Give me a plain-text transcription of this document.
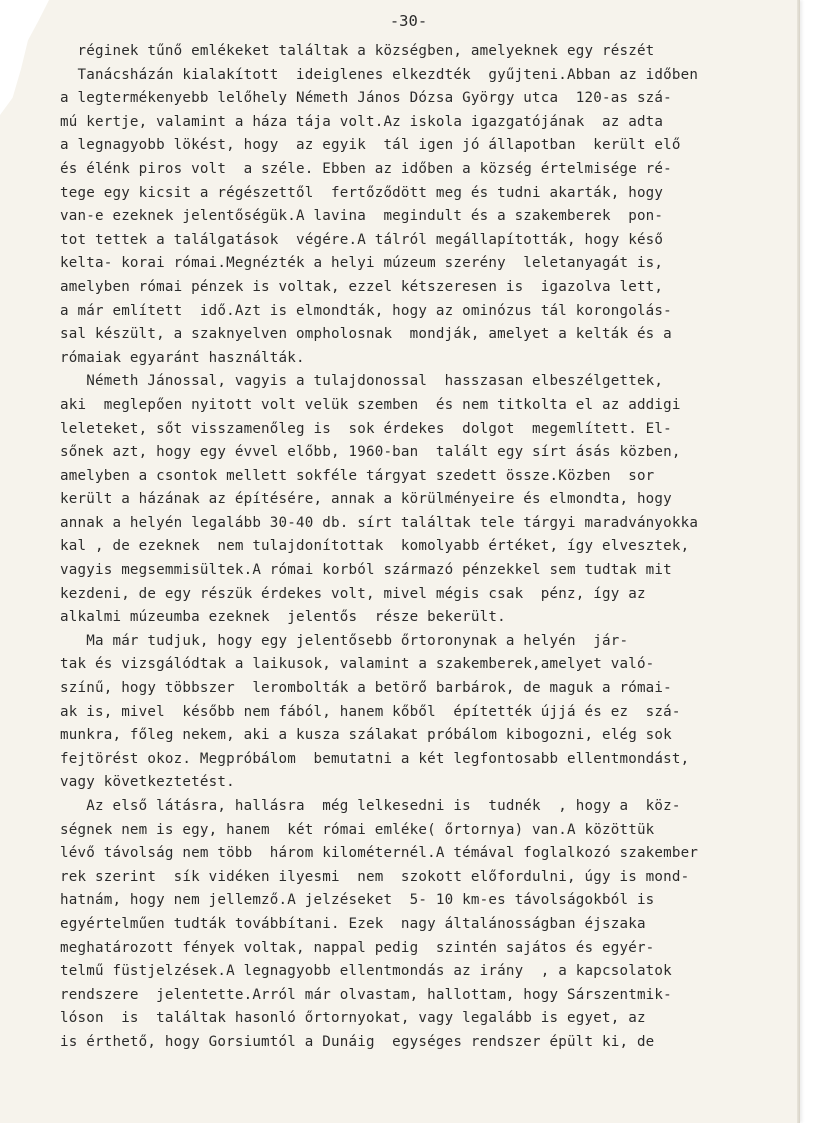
-30-
réginek tűnő emlékeket találtak a községben, amelyeknek egy részét
Tanácsházán kialakított  ideiglenes elkezdték  gyűjteni.Abban az időben
a legtermékenyebb lelőhely Németh János Dózsa György utca  120-as szá-
mú kertje, valamint a háza tája volt.Az iskola igazgatójának  az adta
a legnagyobb lökést, hogy  az egyik  tál igen jó állapotban  került elő
és élénk piros volt  a széle. Ebben az időben a község értelmisége ré-
tege egy kicsit a régészettől  fertőződött meg és tudni akarták, hogy
van-e ezeknek jelentőségük.A lavina  megindult és a szakemberek  pon-
tot tettek a találgatások  végére.A tálról megállapították, hogy késő
kelta- korai római.Megnézték a helyi múzeum szerény  leletanyagát is,
amelyben római pénzek is voltak, ezzel kétszeresen is  igazolva lett,
a már említett  idő.Azt is elmondták, hogy az ominózus tál korongolás-
sal készült, a szaknyelven ompholosnak  mondják, amelyet a kelták és a
rómaiak egyaránt használták.
Németh Jánossal, vagyis a tulajdonossal  hasszasan elbeszélgettek,
aki  meglepően nyitott volt velük szemben  és nem titkolta el az addigi
leleteket, sőt visszamenőleg is  sok érdekes  dolgot  megemlített. El-
sőnek azt, hogy egy évvel előbb, 1960-ban  talált egy sírt ásás közben,
amelyben a csontok mellett sokféle tárgyat szedett össze.Közben  sor
került a házának az építésére, annak a körülményeire és elmondta, hogy
annak a helyén legalább 30-40 db. sírt találtak tele tárgyi maradványokka
kal , de ezeknek  nem tulajdonítottak  komolyabb értéket, így elvesztek,
vagyis megsemmisültek.A római korból származó pénzekkel sem tudtak mit
kezdeni, de egy részük érdekes volt, mivel mégis csak  pénz, így az
alkalmi múzeumba ezeknek  jelentős  része bekerült.
Ma már tudjuk, hogy egy jelentősebb őrtoronynak a helyén  jár-
tak és vizsgálódtak a laikusok, valamint a szakemberek,amelyet való-
színű, hogy többszer  lerombolták a betörő barbárok, de maguk a római-
ak is, mivel  később nem fából, hanem kőből  építették újjá és ez  szá-
munkra, főleg nekem, aki a kusza szálakat próbálom kibogozni, elég sok
fejtörést okoz. Megpróbálom  bemutatni a két legfontosabb ellentmondást,
vagy következtetést.
Az első látásra, hallásra  még lelkesedni is  tudnék  , hogy a  köz-
ségnek nem is egy, hanem  két római emléke( őrtornya) van.A közöttük
lévő távolság nem több  három kilométernél.A témával foglalkozó szakember
rek szerint  sík vidéken ilyesmi  nem  szokott előfordulni, úgy is mond-
hatnám, hogy nem jellemző.A jelzéseket  5- 10 km-es távolságokból is
egyértelműen tudták továbbítani. Ezek  nagy általánosságban éjszaka
meghatározott fények voltak, nappal pedig  szintén sajátos és egyér-
telmű füstjelzések.A legnagyobb ellentmondás az irány  , a kapcsolatok
rendszere  jelentette.Arról már olvastam, hallottam, hogy Sárszentmik-
lóson  is  találtak hasonló őrtornyokat, vagy legalább is egyet, az
is érthető, hogy Gorsiumtól a Dunáig  egységes rendszer épült ki, de
